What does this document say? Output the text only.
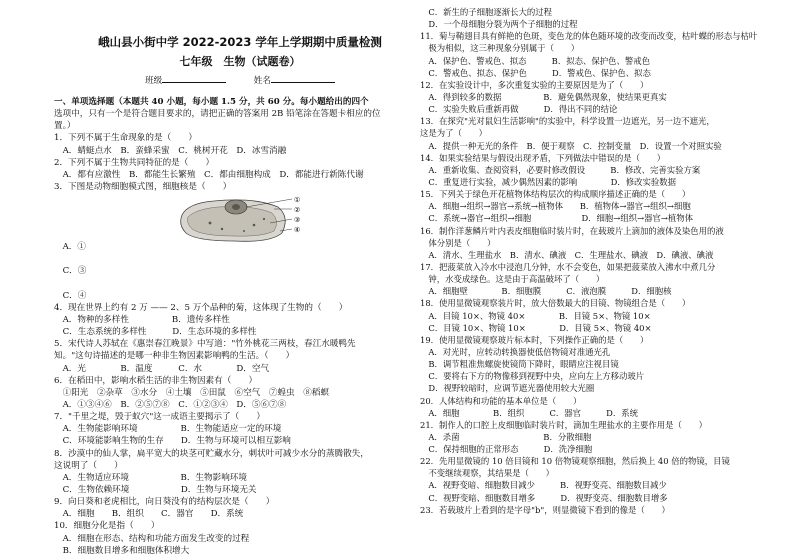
峨山县小街中学 2022-2023 学年上学期期中质量检测
七年级　生物（试题卷）
班级	姓名
一、单项选择题（本题共 40 小题，每小题 1.5 分，共 60 分。每小题给出的四个
选项中，只有一个是符合题目要求的，请把正确的答案用 2B 铅笔涂在答题卡相应的位
置。）
1．下列不属于生命现象的是（　　）
　A．蜻蜓点水　B．蛮蜂采蜜　C．桃树开花　D．冰雪消融
2．下列不属于生物共同特征的是（　　）
　A．都有应激性　B．都能生长繁殖　C．都由细胞构成　D．都能进行新陈代谢
3．下图是动物细胞模式图，细胞核是（　　）
①
②
③
④
　A．①
　C．③
　C．④
4．现在世界上约有 2 万 —— 2、5 万个品种的菊，这体现了生物的（　　）
　A．物种的多样性　　　　　B．遗传多样性
　C．生态系统的多样性　　　D．生态环境的多样性
5．宋代诗人苏轼在《惠崇春江晚景》中写道："竹外桃花三两枝，春江水暖鸭先
知。"这句诗描述的是哪一种非生物因素影响鸭的生活。（　　）
　A．光　　　　B．温度　　　C．水　　　　D．空气
6．在稻田中，影响水稻生活的非生物因素有（　　）
　①阳光　②杂草　③水分　④土壤　⑤田鼠　⑥空气　⑦蝗虫　⑧稻螟
　A．①③④⑥　B．②⑤⑦⑧　C．①②③④　D．⑤⑥⑦⑧
7．"千里之堤，毁于蚁穴"这一成语主要揭示了（　　）
　A．生物能影响环境　　　　　B．生物能适应一定的环境
　C．环境能影响生物的生存　　D．生物与环境可以相互影响
8．沙漠中的仙人掌，扁平宽大的块茎可贮藏水分，刺状叶可减少水分的蒸腾散失，
这说明了（　　）
　A．生物适应环境　　　　　　B．生物影响环境
　C．生物依赖环境　　　　　　D．生物与环境无关
9．向日葵和老虎相比，向日葵没有的结构层次是（　　）
　A．细胞　　B．组织　　C．器官　　D．系统
10．细胞分化是指（　　）
　A．细胞在形态、结构和功能方面发生改变的过程
　B．细胞数目增多和细胞体积增大
　C．新生的子细胞逐渐长大的过程
　D．一个母细胞分裂为两个子细胞的过程
11．菊与鞘翅目具有鲜艳的色斑，变色龙的体色随环境的改变而改变，枯叶蝶的形态与枯叶
　极为相似，这三种现象分别属于（　　）
　A．保护色、警戒色、拟态　　　B．拟态、保护色、警戒色
　C．警戒色、拟态、保护色　　　D．警戒色、保护色、拟态
12．在实验设计中，多次重复实验的主要原因是为了（　　）
　A．得到较多的数据　　　　　B．避免偶然现象，使结果更真实
　C．实验失败后重新再做　　　D．得出不同的结论
13．在探究"光对鼠妇生活影响"的实验中，科学设置一边遮光，另一边不遮光，
这是为了（　　）
　A．提供一种无光的条件　B．便于观察　C．控制变量　D．设置一个对照实验
14．如果实验结果与假设出现矛盾，下列做法中错误的是（　　）
　A．重新收集、查阅资料，必要时修改假设　　　B．修改、完善实验方案
　C．重复进行实验，减少偶然因素的影响　　　　D．修改实验数据
15．下列关于绿色开花植物体结构层次的构成顺序描述正确的是（　　）
　A．细胞→组织→器官→系统→植物体　　B．植物体→器官→组织→细胞
　C．系统→器官→组织→细胞　　　　　　D．细胞→组织→器官→植物体
16．制作洋葱鳞片叶内表皮细胞临时装片时，在载玻片上滴加的液体及染色用的液
　体分别是（　　）
　A．清水、生理盐水　B．清水、碘液　C．生理盐水、碘液　D．碘液、碘液
17．把菠菜放入冷水中浸泡几分钟，水不会变色，如果把菠菜放入沸水中煮几分
　钟，水变成绿色。这是由于高温破坏了（　　）
　A．细胞壁　　　　B．细胞膜　　　C．液泡膜　　　D．细胞核
18．使用显微镜观察装片时，放大倍数最大的目镜、物镜组合是（　　）
　A．目镜 10×、物镜 40×　　　　B．目镜 5×、物镜 10×
　C．目镜 10×、物镜 10×　　　　D．目镜 5×、物镜 40×
19．使用显微镜观察玻片标本时，下列操作正确的是（　　）
　A．对光时，应转动转换器使低倍物镜对准通光孔
　B．调节粗准焦螺旋使镜筒下降时，眼睛应注视目镜
　C．要将右下方的物像移到视野中央，应向左上方移动玻片
　D．视野较暗时，应调节遮光器使用较大光圈
20．人体结构和功能的基本单位是（　　）
　A．细胞　　　　B．组织　　　C．器官　　　D．系统
21．制作人的口腔上皮细胞临时装片时，滴加生理盐水的主要作用是（　　）
　A．杀菌　　　　　　　　　　B．分散细胞
　C．保持细胞的正常形态　　　D．洗净细胞
22．先用显微镜的 10 倍目镜和 10 倍物镜观察细胞，然后换上 40 倍的物镜，目镜
　不变继续观察，其结果是（　　）
　A．视野变暗、细胞数目减少　　　B．视野变亮、细胞数目减少
　C．视野变暗、细胞数目增多　　　D．视野变亮、细胞数目增多
23．若载玻片上看到的是字母"b"，则显微镜下看到的像是（　　）
